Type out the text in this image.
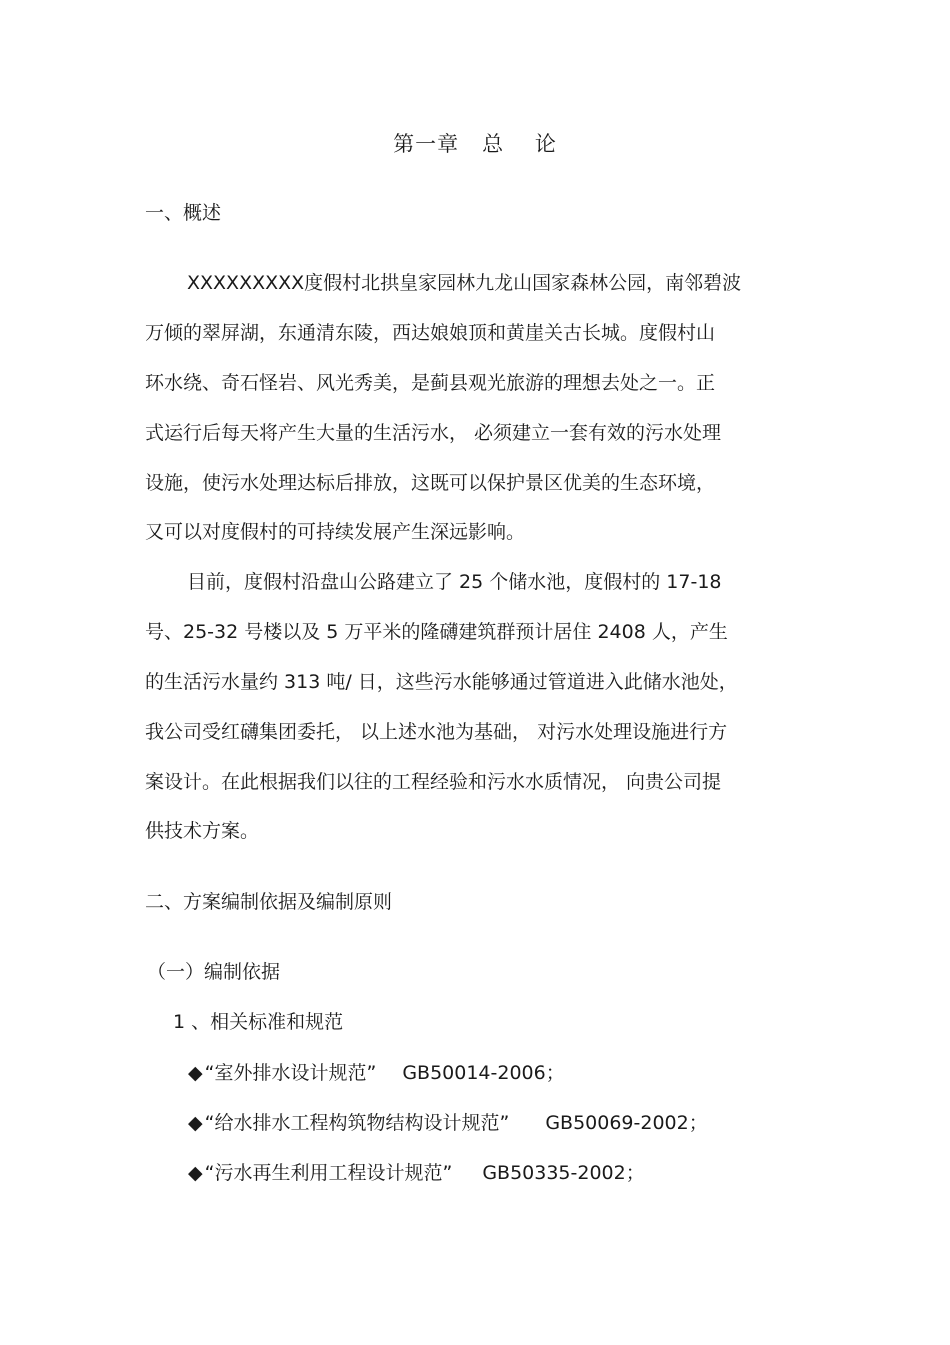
第一章   总    论
一、概述
XXXXXXXXX度假村北拱皇家园林九龙山国家森林公园，南邻碧波
万倾的翠屏湖，东通清东陵，西达娘娘顶和黄崖关古长城。度假村山
环水绕、奇石怪岩、风光秀美，是蓟县观光旅游的理想去处之一。正
式运行后每天将产生大量的生活污水， 必须建立一套有效的污水处理
设施，使污水处理达标后排放，这既可以保护景区优美的生态环境，
又可以对度假村的可持续发展产生深远影响。
目前，度假村沿盘山公路建立了 25 个储水池，度假村的 17-18
号、25-32 号楼以及 5 万平米的隆礴建筑群预计居住 2408 人，产生
的生活污水量约 313 吨/ 日，这些污水能够通过管道进入此储水池处，
我公司受红礴集团委托， 以上述水池为基础， 对污水处理设施进行方
案设计。在此根据我们以往的工程经验和污水水质情况， 向贵公司提
供技术方案。
二、方案编制依据及编制原则
（一）编制依据
1 、相关标准和规范
◆ “室外排水设计规范” GB50014-2006；
◆ “给水排水工程构筑物结构设计规范” GB50069-2002；
◆ “污水再生利用工程设计规范” GB50335-2002；
